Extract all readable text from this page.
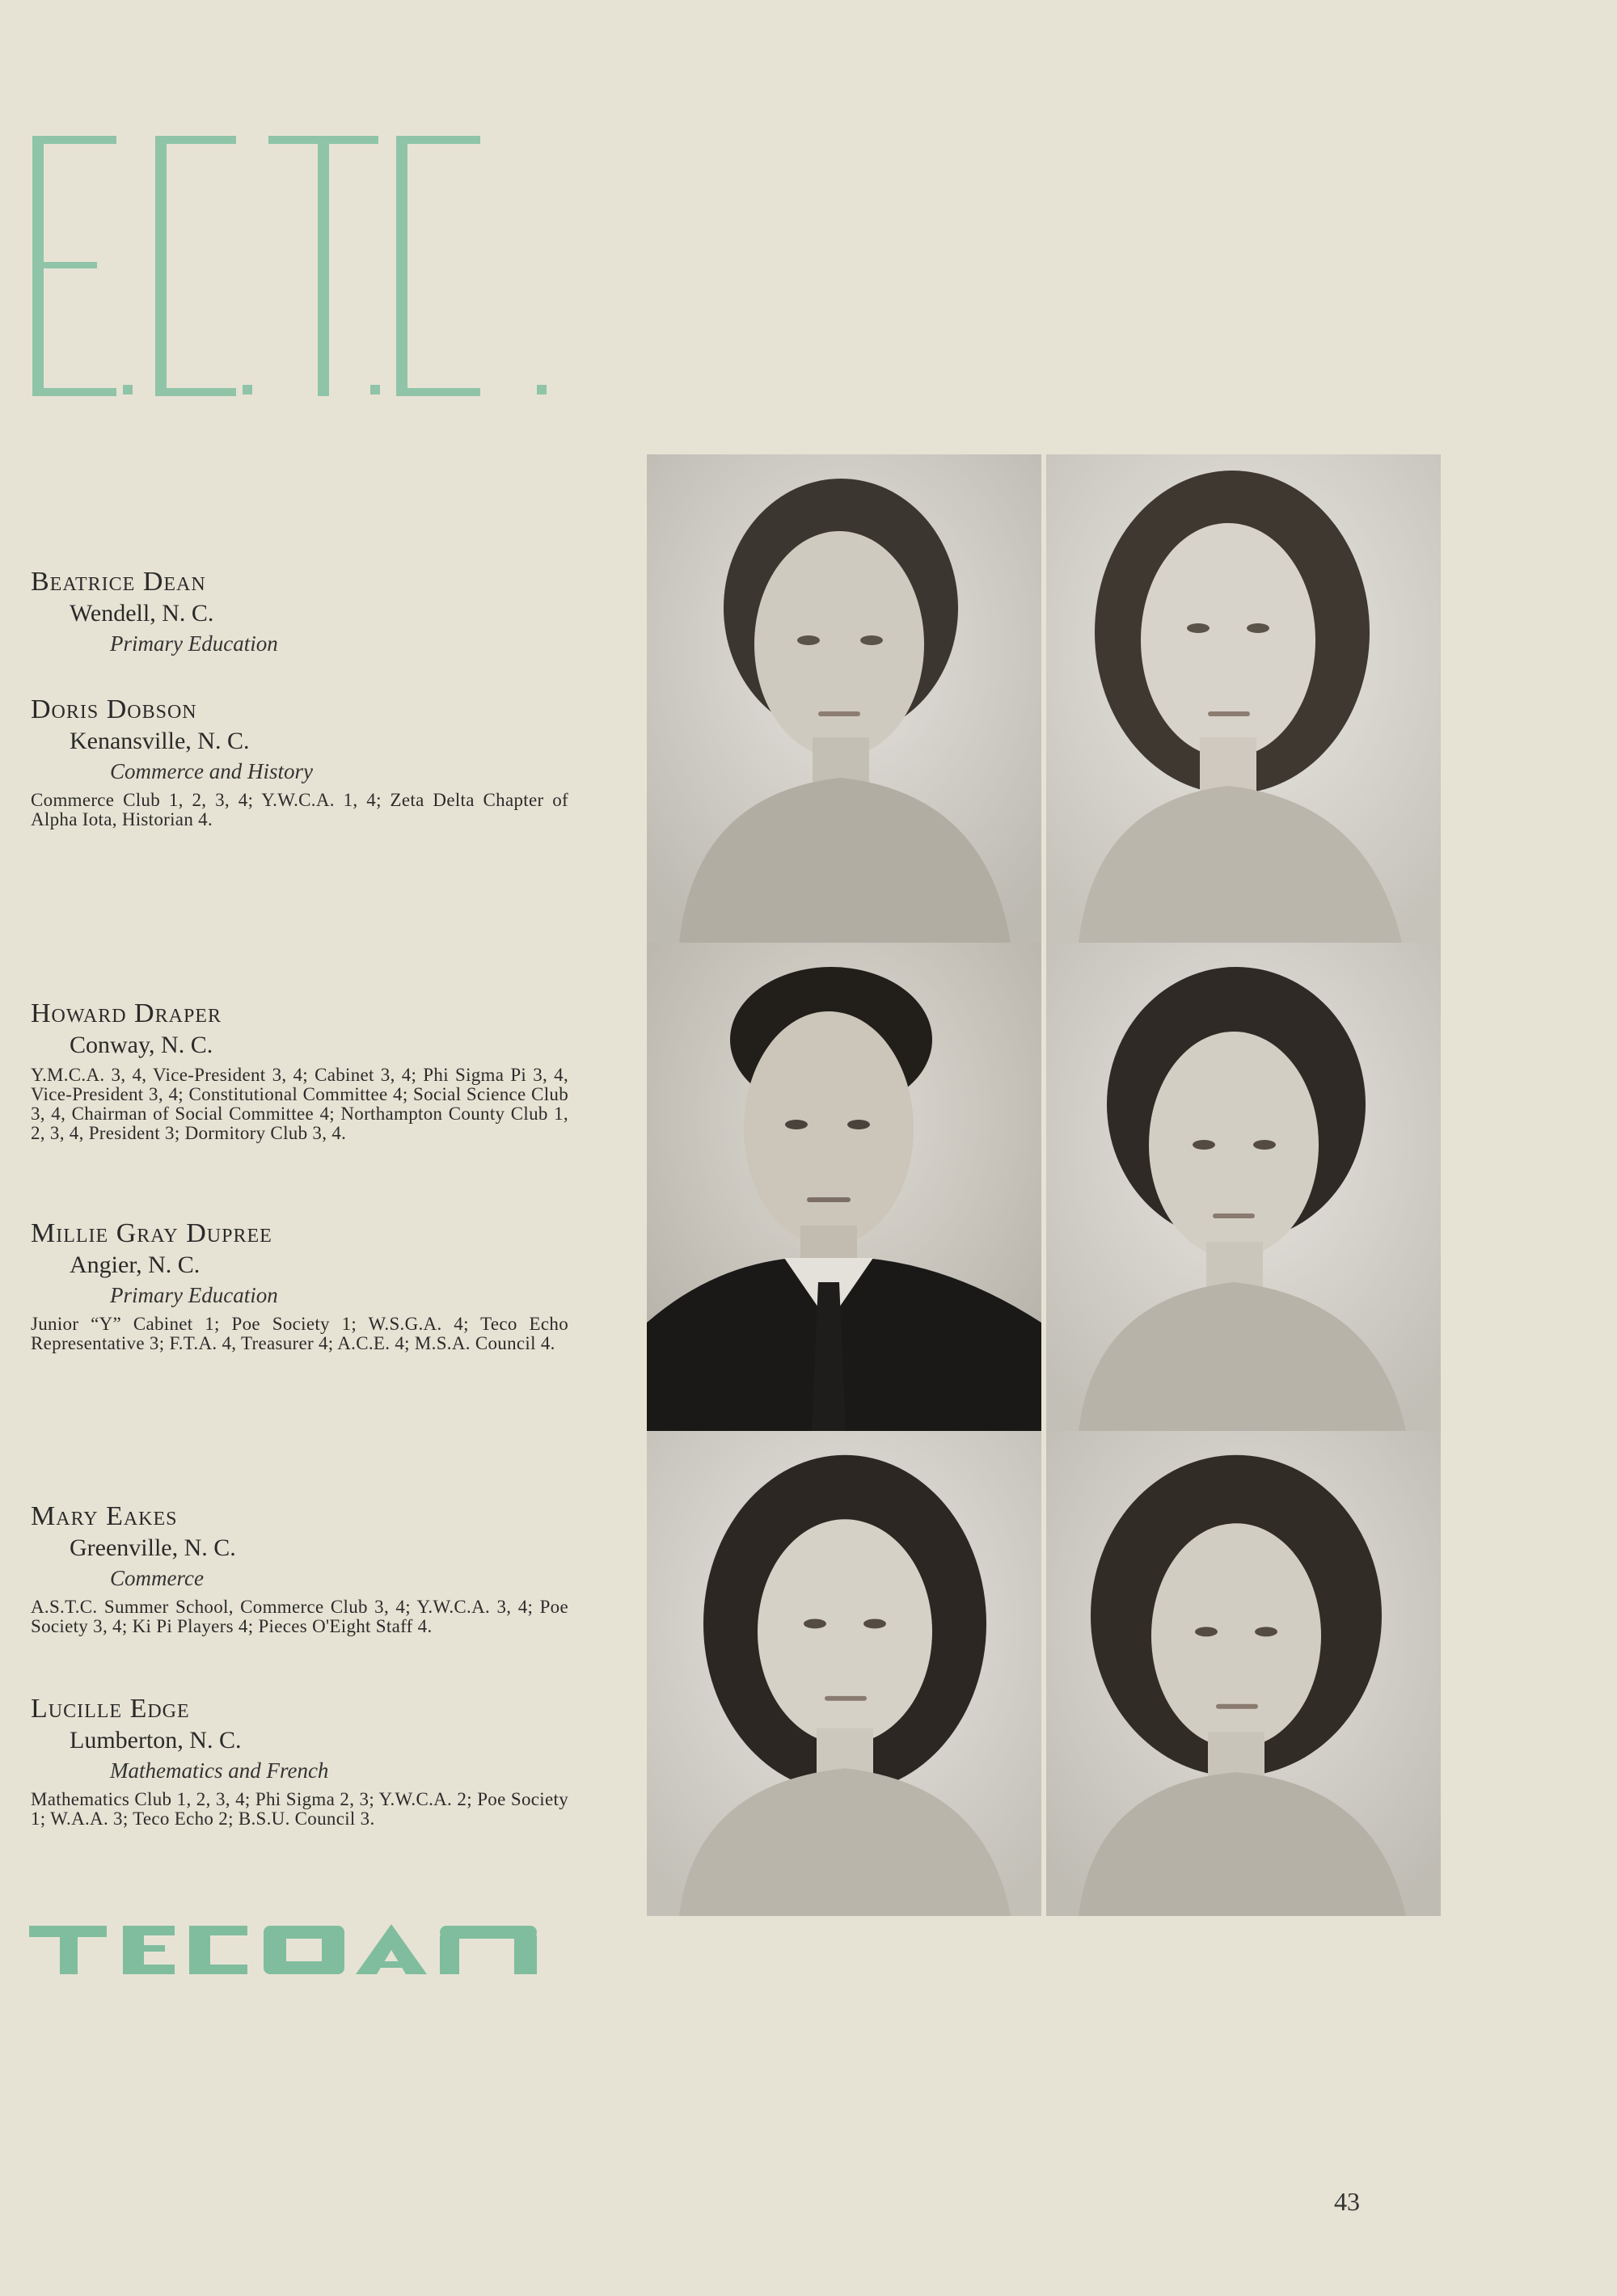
E.C.T.C.
Beatrice Dean
Wendell, N. C.
Primary Education
Doris Dobson
Kenansville, N. C.
Commerce and History
Commerce Club 1, 2, 3, 4; Y.W.C.A. 1, 4; Zeta Delta Chapter of Alpha Iota, Historian 4.
Howard Draper
Conway, N. C.
Y.M.C.A. 3, 4, Vice-President 3, 4; Cabinet 3, 4; Phi Sigma Pi 3, 4, Vice-President 3, 4; Constitutional Committee 4; Social Science Club 3, 4, Chairman of Social Committee 4; Northampton County Club 1, 2, 3, 4, President 3; Dormitory Club 3, 4.
Millie Gray Dupree
Angier, N. C.
Primary Education
Junior “Y” Cabinet 1; Poe Society 1; W.S.G.A. 4; Teco Echo Representative 3; F.T.A. 4, Treasurer 4; A.C.E. 4; M.S.A. Council 4.
Mary Eakes
Greenville, N. C.
Commerce
A.S.T.C. Summer School, Commerce Club 3, 4; Y.W.C.A. 3, 4; Poe Society 3, 4; Ki Pi Players 4; Pieces O'Eight Staff 4.
Lucille Edge
Lumberton, N. C.
Mathematics and French
Mathematics Club 1, 2, 3, 4; Phi Sigma 2, 3; Y.W.C.A. 2; Poe Society 1; W.A.A. 3; Teco Echo 2; B.S.U. Council 3.
TECOAN
43
